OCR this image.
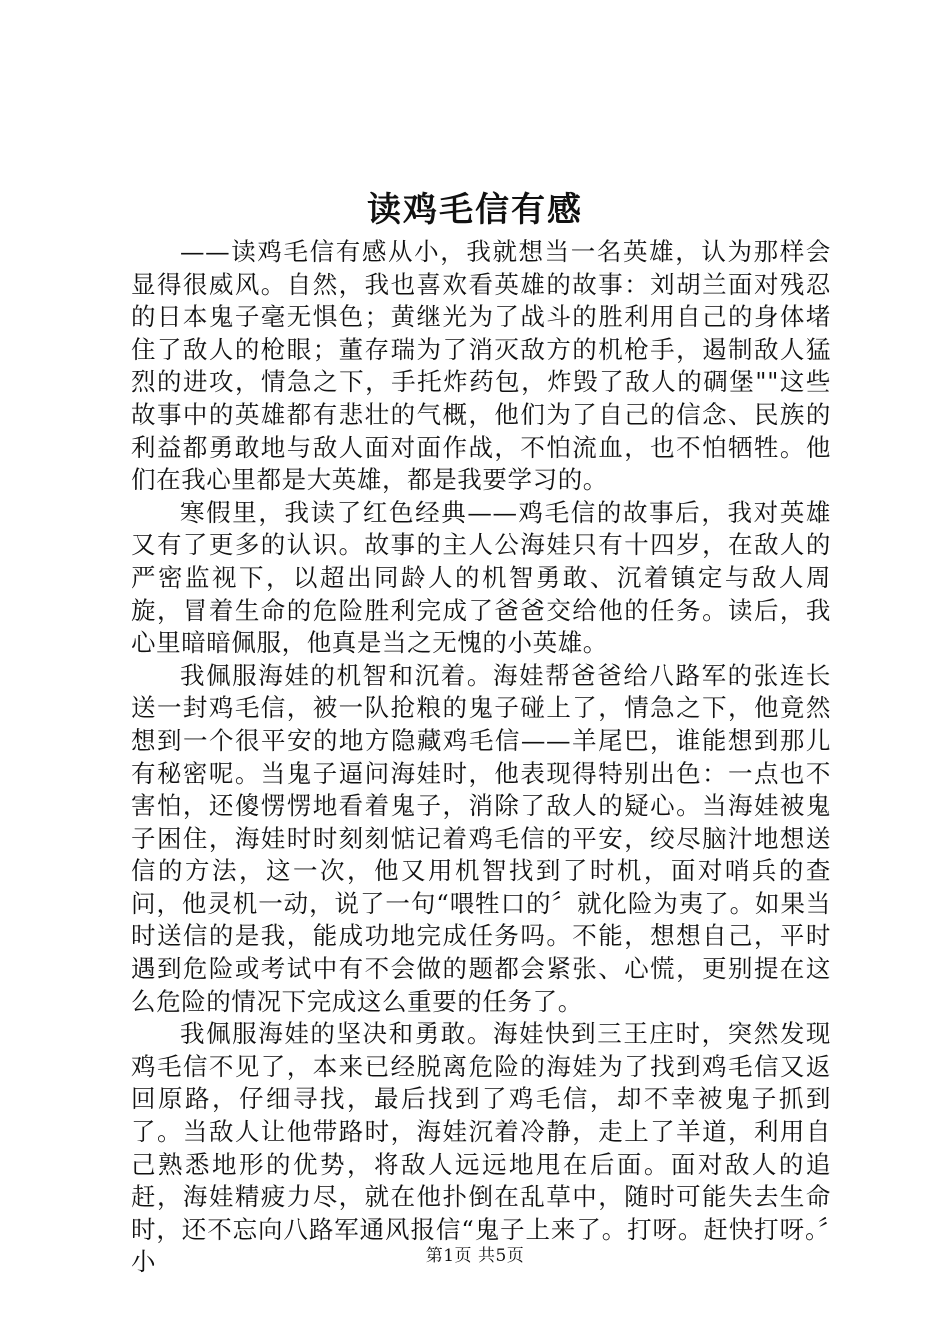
读鸡毛信有感

——读鸡毛信有感从小，我就想当一名英雄，认为那样会显得很威风。自然，我也喜欢看英雄的故事：刘胡兰面对残忍的日本鬼子毫无惧色；黄继光为了战斗的胜利用自己的身体堵住了敌人的枪眼；董存瑞为了消灭敌方的机枪手，遏制敌人猛烈的进攻，情急之下，手托炸药包，炸毁了敌人的碉堡""这些故事中的英雄都有悲壮的气概，他们为了自己的信念、民族的利益都勇敢地与敌人面对面作战，不怕流血，也不怕牺牲。他们在我心里都是大英雄，都是我要学习的。

寒假里，我读了红色经典——鸡毛信的故事后，我对英雄又有了更多的认识。故事的主人公海娃只有十四岁，在敌人的严密监视下，以超出同龄人的机智勇敢、沉着镇定与敌人周旋，冒着生命的危险胜利完成了爸爸交给他的任务。读后，我心里暗暗佩服，他真是当之无愧的小英雄。

我佩服海娃的机智和沉着。海娃帮爸爸给八路军的张连长送一封鸡毛信，被一队抢粮的鬼子碰上了，情急之下，他竟然想到一个很平安的地方隐藏鸡毛信——羊尾巴，谁能想到那儿有秘密呢。当鬼子逼问海娃时，他表现得特别出色：一点也不害怕，还傻愣愣地看着鬼子，消除了敌人的疑心。当海娃被鬼子困住，海娃时时刻刻惦记着鸡毛信的平安，绞尽脑汁地想送信的方法，这一次，他又用机智找到了时机，面对哨兵的查问，他灵机一动，说了一句“喂牲口的〞就化险为夷了。如果当时送信的是我，能成功地完成任务吗。不能，想想自己，平时遇到危险或考试中有不会做的题都会紧张、心慌，更别提在这么危险的情况下完成这么重要的任务了。

我佩服海娃的坚决和勇敢。海娃快到三王庄时，突然发现鸡毛信不见了，本来已经脱离危险的海娃为了找到鸡毛信又返回原路，仔细寻找，最后找到了鸡毛信，却不幸被鬼子抓到了。当敌人让他带路时，海娃沉着冷静，走上了羊道，利用自己熟悉地形的优势，将敌人远远地甩在后面。面对敌人的追赶，海娃精疲力尽，就在他扑倒在乱草中，随时可能失去生命时，还不忘向八路军通风报信“鬼子上来了。打呀。赶快打呀。〞小	第1页 共5页
